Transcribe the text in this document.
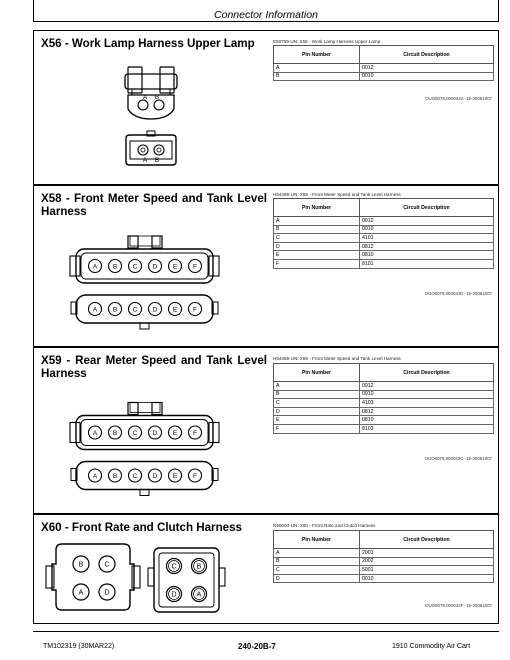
Connector Information
X56 - Work Lamp Harness Upper Lamp	E50759-UN: X56 - Work Lamp Harness Upper Lamp
Pin Number	Circuit Description
A	0012
B	0010
OUO6078,000043A -19-20061007
A B
A B
X58 - Front Meter Speed and Tank Level Harness
H54459-UN: X58 - Front Meter Speed and Tank Level Harness
Pin Number	Circuit Description
A	0912
B	0910
C	4101
D	0812
E	0810
F	8101
OUO6078,000043D -19-20061007
A B C D E F
A B C D E F
X59 - Rear Meter Speed and Tank Level Harness
H54459-UN: X59 - Front Meter Speed and Tank Level Harness
Pin Number	Circuit Description
A	0912
B	0910
C	4103
D	0812
E	0810
F	8103
OUO6078,000043C -19-20061007
A B C D E F
A B C D E F
X60 - Front Rate and Clutch Harness	N50003-UN: X60 - Front Rate and Clutch Harness
Pin Number	Circuit Description
A	2001
B	2002
C	5001
D	0010
OUO6078,000043F -19-20061007
B	C
A	D
C	B
D	A
TM102319 (30MAR22)	240-20B-7	1910 Commodity Air Cart
